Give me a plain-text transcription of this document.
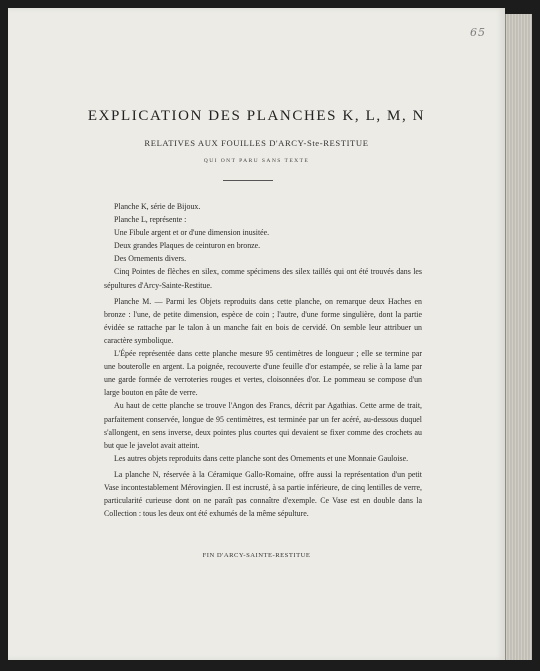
65
EXPLICATION DES PLANCHES K, L, M, N
RELATIVES AUX FOUILLES D'ARCY-Ste-RESTITUE
QUI ONT PARU SANS TEXTE

Planche K, série de Bijoux.

Planche L, représente :

Une Fibule argent et or d'une dimension inusitée.

Deux grandes Plaques de ceinturon en bronze.

Des Ornements divers.

Cinq Pointes de flèches en silex, comme spécimens des silex taillés qui ont été trouvés dans les sépultures d'Arcy-Sainte-Restitue.

Planche M. — Parmi les Objets reproduits dans cette planche, on remarque deux Haches en bronze : l'une, de petite dimension, espèce de coin ; l'autre, d'une forme singulière, dont la partie évidée se rattache par le talon à un manche fait en bois de cervidé. On semble leur attribuer un caractère symbolique.

L'Épée représentée dans cette planche mesure 95 centimètres de longueur ; elle se termine par une bouterolle en argent. La poignée, recouverte d'une feuille d'or estampée, se relie à la lame par une garde formée de verroteries rouges et vertes, cloisonnées d'or. Le pommeau se compose d'un large bouton en pâte de verre.

Au haut de cette planche se trouve l'Angon des Francs, décrit par Agathias. Cette arme de trait, parfaitement conservée, longue de 95 centimètres, est terminée par un fer acéré, au-dessous duquel s'allongent, en sens inverse, deux pointes plus courtes qui devaient se fixer comme des crochets au but que le javelot avait atteint.

Les autres objets reproduits dans cette planche sont des Ornements et une Monnaie Gauloise.

La planche N, réservée à la Céramique Gallo-Romaine, offre aussi la représentation d'un petit Vase incontestablement Mérovingien. Il est incrusté, à sa partie inférieure, de cinq lentilles de verre, particularité curieuse dont on ne paraît pas connaître d'exemple. Ce Vase est en double dans la Collection : tous les deux ont été exhumés de la même sépulture.

FIN D'ARCY-SAINTE-RESTITUE
